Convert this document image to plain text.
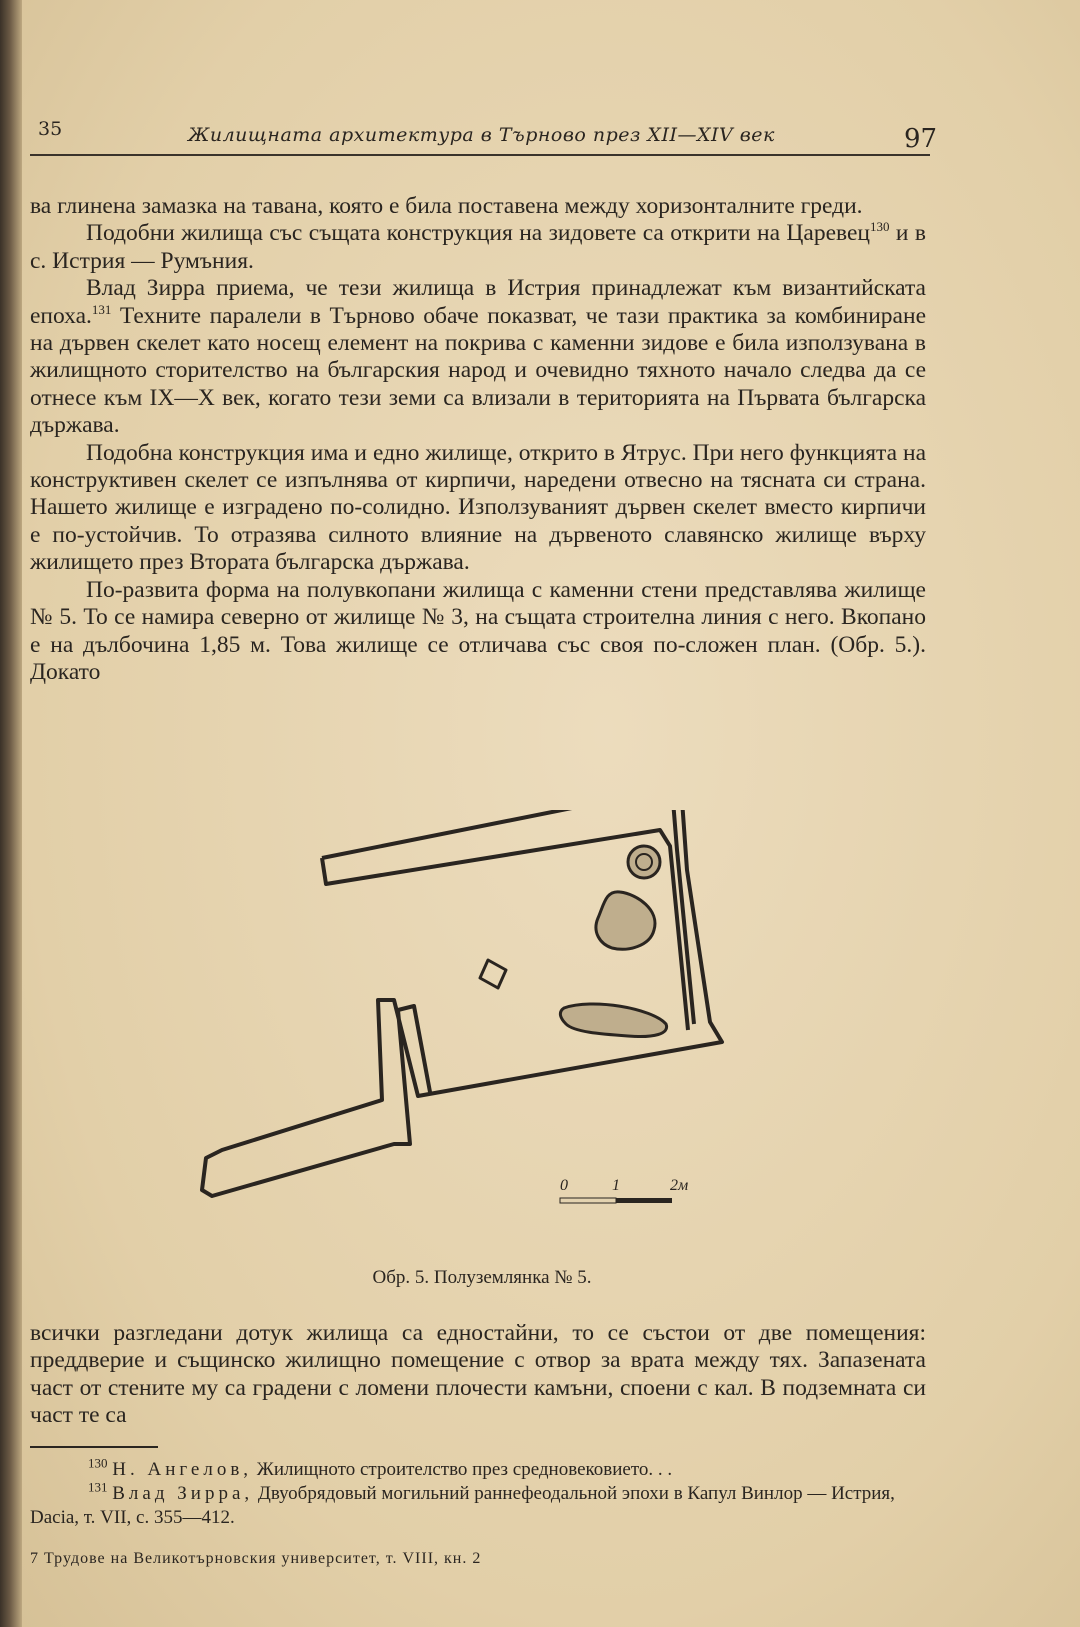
35	Жилищната архитектура в Търново през XII—XIV век	97

ва глинена замазка на тавана, която е била поставена между хоризонталните греди.

Подобни жилища със същата конструкция на зидовете са открити на Царевец$^{130}$ и в с. Истрия — Румъния.

Влад Зирра приема, че тези жилища в Истрия принадлежат към византийската епоха.$^{131}$ Техните паралели в Търново обаче показват, че тази практика за комбиниране на дървен скелет като носещ елемент на покрива с каменни зидове е била използувана в жилищното сторителство на българския народ и очевидно тяхното начало следва да се отнесе към IX—X век, когато тези земи са влизали в територията на Първата българска държава.

Подобна конструкция има и едно жилище, открито в Ятрус. При него функцията на конструктивен скелет се изпълнява от кирпичи, наредени отвесно на тясната си страна. Нашето жилище е изградено по-солидно. Използуваният дървен скелет вместо кирпичи е по-устойчив. То отразява силното влияние на дървеното славянско жилище върху жилището през Втората българска държава.

По-развита форма на полувкопани жилища с каменни стени представлява жилище № 5. То се намира северно от жилище № 3, на същата строителна линия с него. Вкопано е на дълбочина 1,85 м. Това жилище се отличава със своя по-сложен план. (Обр. 5.). Докато

0	1	2м
Обр. 5. Полуземлянка № 5.

всички разгледани дотук жилища са едностайни, то се състои от две помещения: преддверие и същинско жилищно помещение с отвор за врата между тях. Запазената част от стените му са градени с ломени плочести камъни, споени с кал. В подземната си част те са

$^{130}$ Н. Ангелов, Жилищното строителство през средновековието. . .

$^{131}$ Влад Зирра, Двуобрядовый могильний раннефеодальной эпохи в Капул Винлор — Истрия, Dacia, т. VII, с. 355—412.

7 Трудове на Великотърновския университет, т. VIII, кн. 2
